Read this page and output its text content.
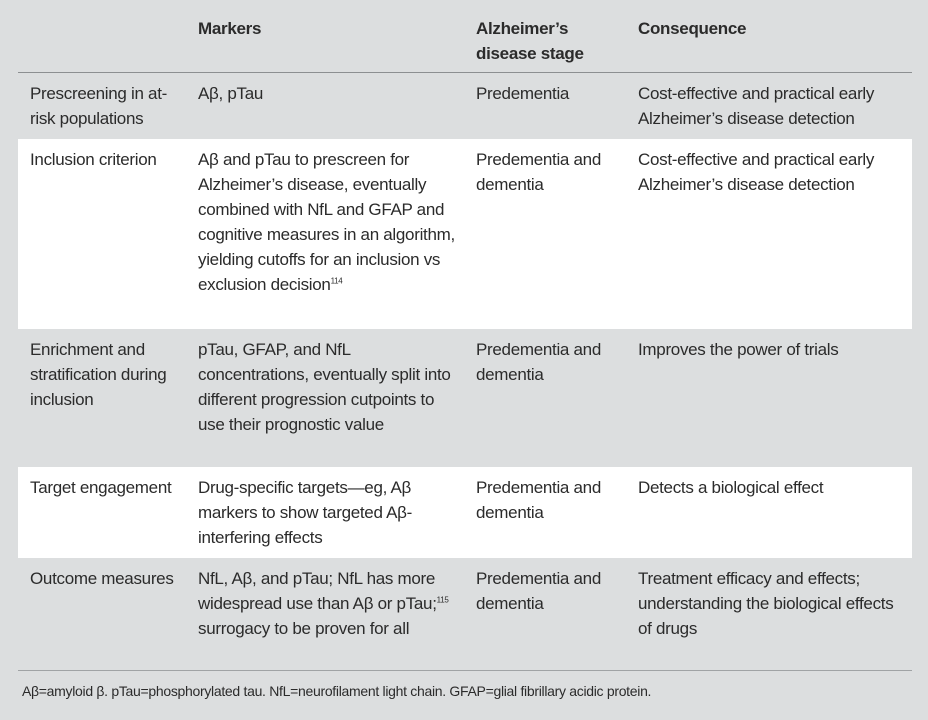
	Markers	Alzheimer’s disease stage	Consequence
Prescreening in at-risk populations	Aβ, pTau	Predementia	Cost-effective and practical early Alzheimer’s disease detection
Inclusion criterion	Aβ and pTau to prescreen for Alzheimer’s disease, eventually combined with NfL and GFAP and cognitive measures in an algorithm, yielding cutoffs for an inclusion vs exclusion decision$^{114}$	Predementia and dementia	Cost-effective and practical early Alzheimer’s disease detection
Enrichment and stratification during inclusion	pTau, GFAP, and NfL concentrations, eventually split into different progression cutpoints to use their prognostic value	Predementia and dementia	Improves the power of trials
Target engagement	Drug-specific targets—eg, Aβ markers to show targeted Aβ-interfering effects	Predementia and dementia	Detects a biological effect
Outcome measures	NfL, Aβ, and pTau; NfL has more widespread use than Aβ or pTau;$^{115}$ surrogacy to be proven for all	Predementia and dementia	Treatment efficacy and effects; understanding the biological effects of drugs
Aβ=amyloid β. pTau=phosphorylated tau. NfL=neurofilament light chain. GFAP=glial fibrillary acidic protein.
